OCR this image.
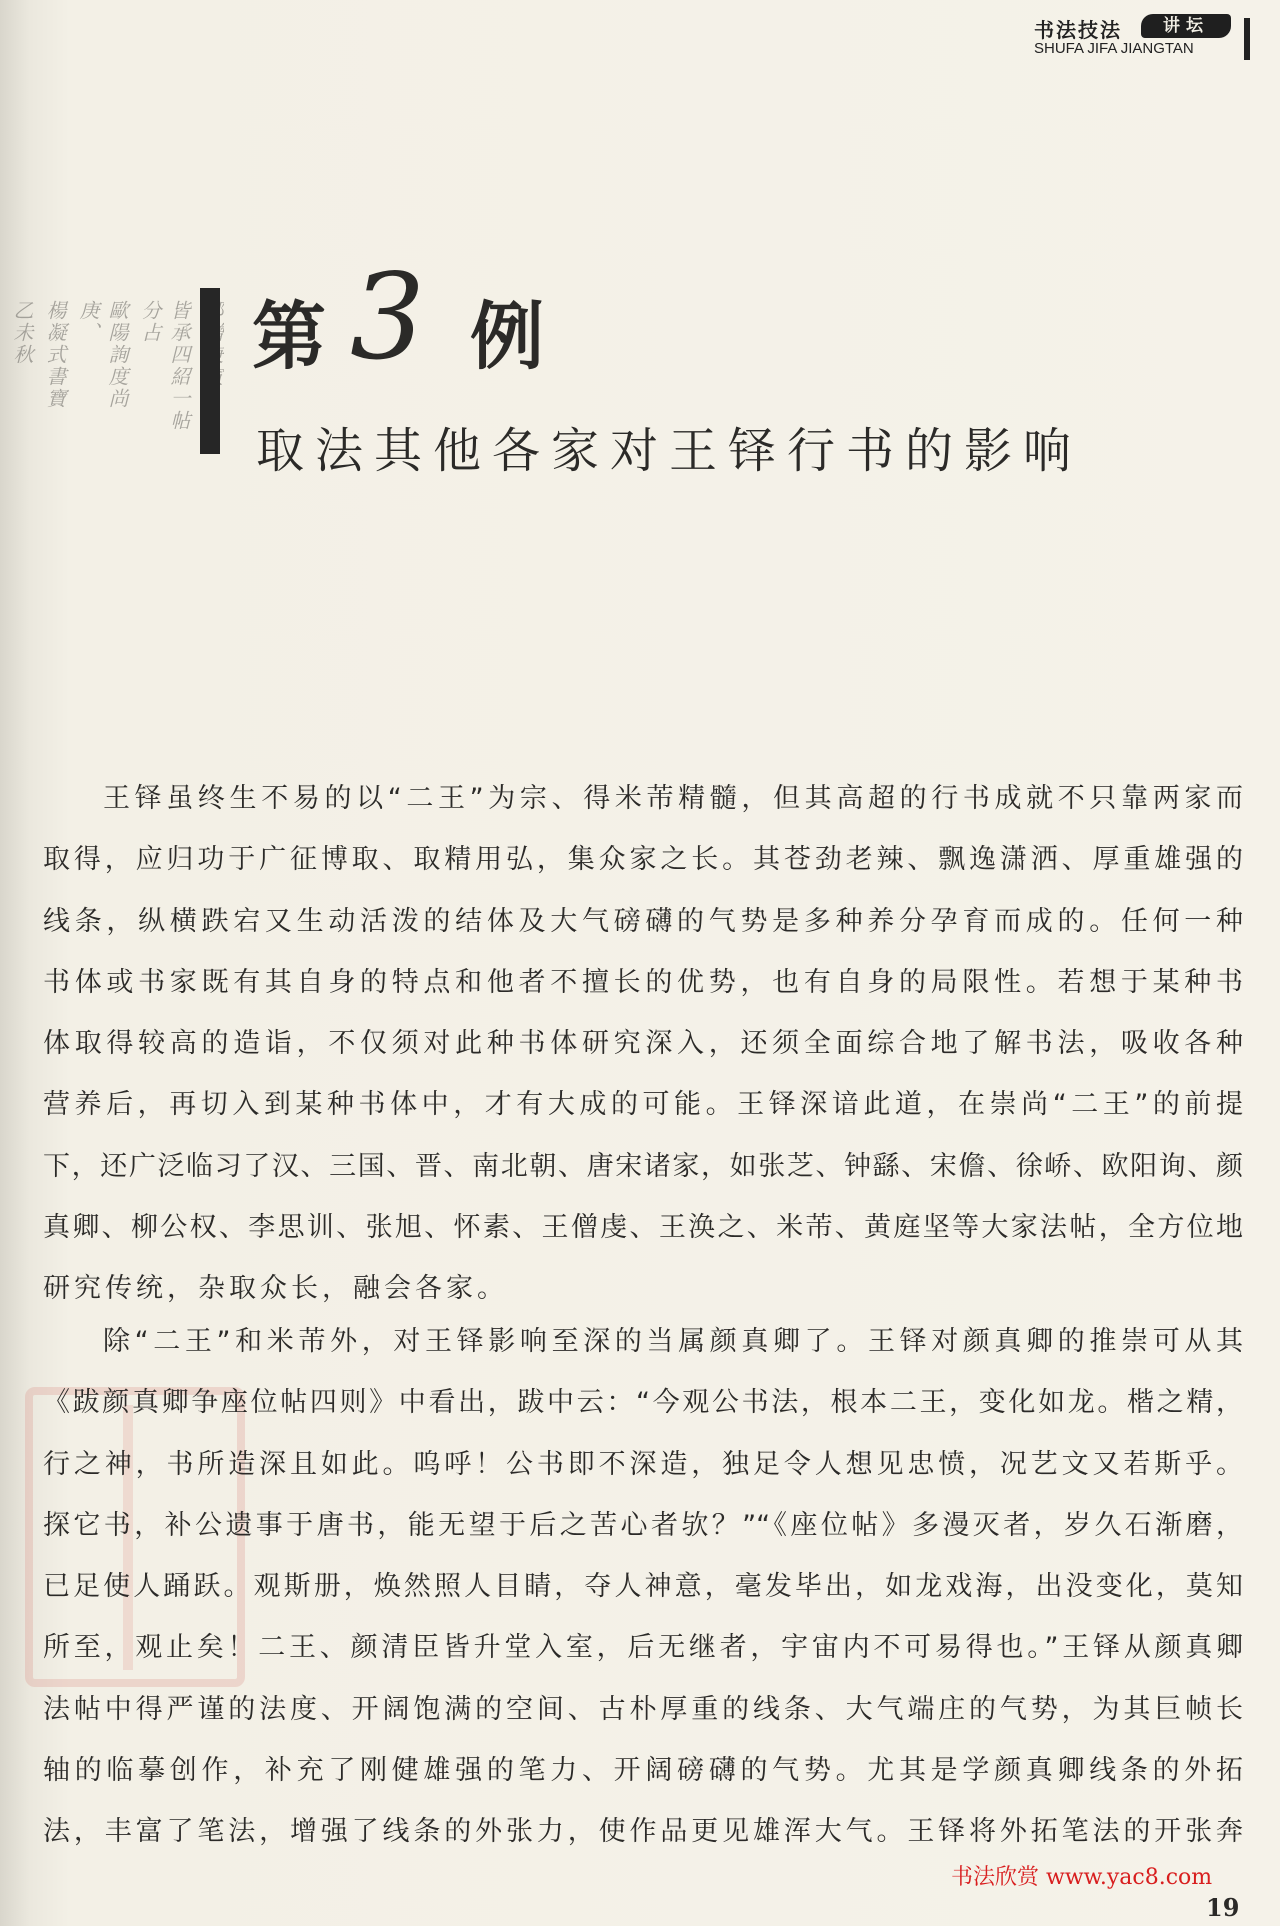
书法技法	讲坛
SHUFA JIFA JIANGTAN
皆承四紹一帖分占
歐陽詢度尚庚、
楊凝式書寶
乙未秋	第 3 例
取法其他各家对王铎行书的影响
王铎虽终生不易的以“二王”为宗、得米芾精髓，但其高超的行书成就不只靠两家而
取得，应归功于广征博取、取精用弘，集众家之长。其苍劲老辣、飘逸潇洒、厚重雄强的
线条，纵横跌宕又生动活泼的结体及大气磅礴的气势是多种养分孕育而成的。任何一种
书体或书家既有其自身的特点和他者不擅长的优势，也有自身的局限性。若想于某种书
体取得较高的造诣，不仅须对此种书体研究深入，还须全面综合地了解书法，吸收各种
营养后，再切入到某种书体中，才有大成的可能。王铎深谙此道，在崇尚“二王”的前提
下，还广泛临习了汉、三国、晋、南北朝、唐宋诸家，如张芝、钟繇、宋儋、徐峤、欧阳询、颜
真卿、柳公权、李思训、张旭、怀素、王僧虔、王涣之、米芾、黄庭坚等大家法帖，全方位地
研究传统，杂取众长，融会各家。
除“二王”和米芾外，对王铎影响至深的当属颜真卿了。王铎对颜真卿的推崇可从其
《跋颜真卿争座位帖四则》中看出，跋中云：“今观公书法，根本二王，变化如龙。楷之精，
行之神，书所造深且如此。呜呼！公书即不深造，独足令人想见忠愤，况艺文又若斯乎。
探它书，补公遗事于唐书，能无望于后之苦心者欤？”“《座位帖》多漫灭者，岁久石渐磨，
已足使人踊跃。观斯册，焕然照人目睛，夺人神意，毫发毕出，如龙戏海，出没变化，莫知
所至，观止矣！二王、颜清臣皆升堂入室，后无继者，宇宙内不可易得也。”王铎从颜真卿
法帖中得严谨的法度、开阔饱满的空间、古朴厚重的线条、大气端庄的气势，为其巨帧长
轴的临摹创作，补充了刚健雄强的笔力、开阔磅礴的气势。尤其是学颜真卿线条的外拓
法，丰富了笔法，增强了线条的外张力，使作品更见雄浑大气。王铎将外拓笔法的开张奔
书法欣赏 www.yac8.com
19
